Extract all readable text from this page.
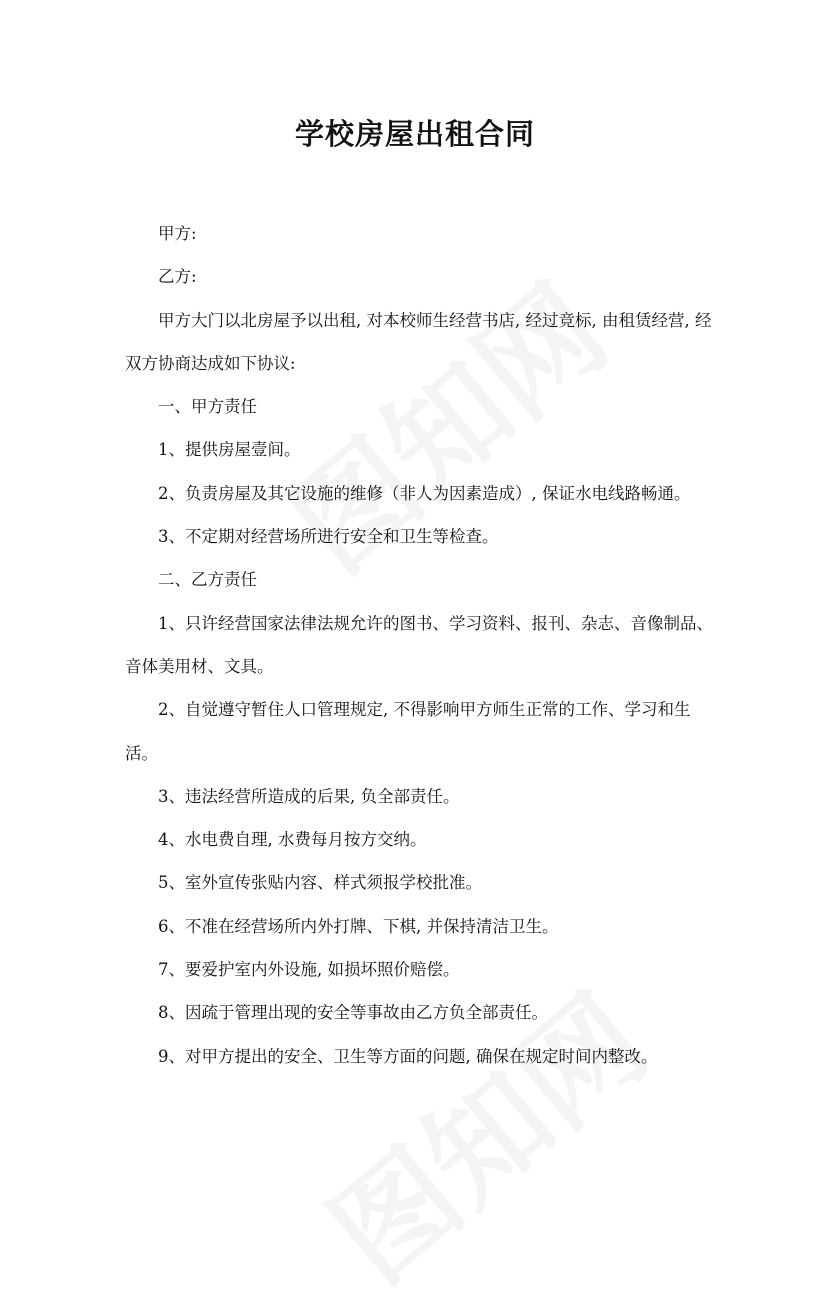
学校房屋出租合同

甲方:

乙方:

甲方大门以北房屋予以出租, 对本校师生经营书店, 经过竞标, 由租赁经营, 经双方协商达成如下协议:

一、甲方责任

1、提供房屋壹间。

2、负责房屋及其它设施的维修（非人为因素造成）, 保证水电线路畅通。

3、不定期对经营场所进行安全和卫生等检查。

二、乙方责任

1、只许经营国家法律法规允许的图书、学习资料、报刊、杂志、音像制品、音体美用材、文具。

2、自觉遵守暂住人口管理规定, 不得影响甲方师生正常的工作、学习和生活。

3、违法经营所造成的后果, 负全部责任。

4、水电费自理, 水费每月按方交纳。

5、室外宣传张贴内容、样式须报学校批准。

6、不准在经营场所内外打牌、下棋, 并保持清洁卫生。

7、要爱护室内外设施, 如损坏照价赔偿。

8、因疏于管理出现的安全等事故由乙方负全部责任。

9、对甲方提出的安全、卫生等方面的问题, 确保在规定时间内整改。
